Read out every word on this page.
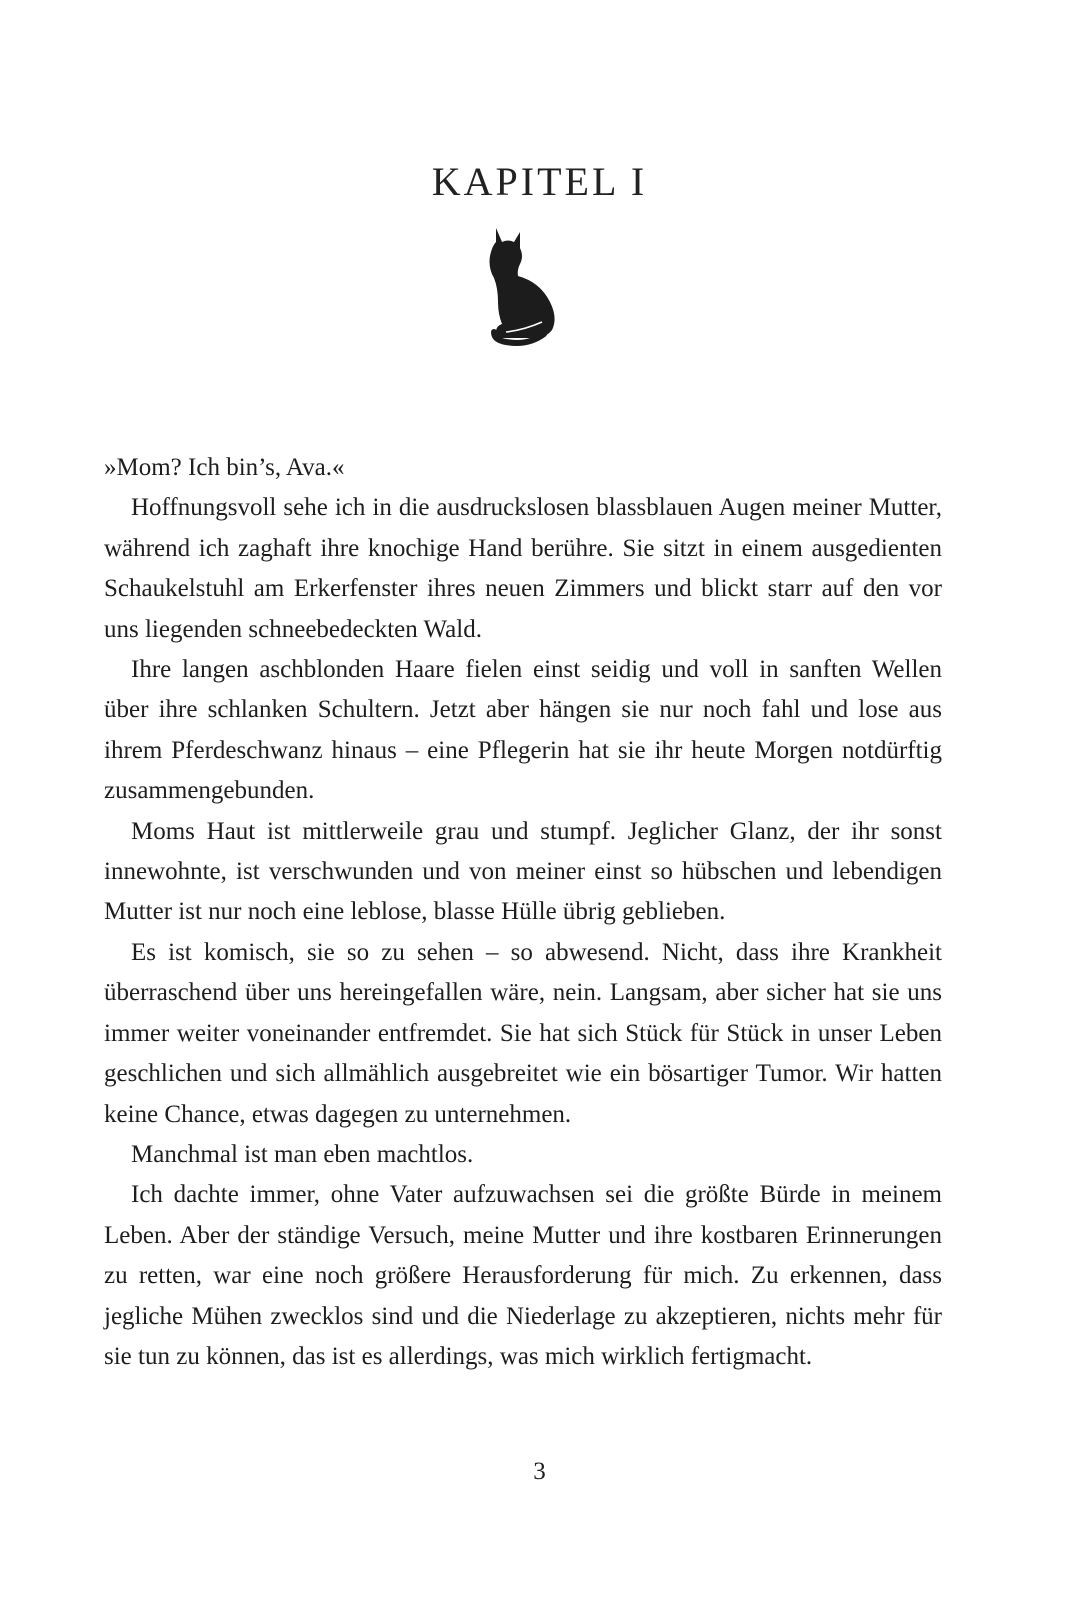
KAPITEL I

»Mom? Ich bin’s, Ava.«

Hoffnungsvoll sehe ich in die ausdruckslosen blassblauen Augen meiner Mutter, während ich zaghaft ihre knochige Hand berühre. Sie sitzt in einem ausgedienten Schaukelstuhl am Erkerfenster ihres neuen Zimmers und blickt starr auf den vor uns liegenden schneebedeckten Wald.

Ihre langen aschblonden Haare fielen einst seidig und voll in sanften Wellen über ihre schlanken Schultern. Jetzt aber hängen sie nur noch fahl und lose aus ihrem Pferdeschwanz hinaus – eine Pflegerin hat sie ihr heute Morgen notdürftig zusammengebunden.

Moms Haut ist mittlerweile grau und stumpf. Jeglicher Glanz, der ihr sonst innewohnte, ist verschwunden und von meiner einst so hübschen und lebendigen Mutter ist nur noch eine leblose, blasse Hülle übrig geblieben.

Es ist komisch, sie so zu sehen – so abwesend. Nicht, dass ihre Krankheit überraschend über uns hereingefallen wäre, nein. Langsam, aber sicher hat sie uns immer weiter voneinander entfremdet. Sie hat sich Stück für Stück in unser Leben geschlichen und sich allmählich ausgebreitet wie ein bösartiger Tumor. Wir hatten keine Chance, etwas dagegen zu unternehmen.

Manchmal ist man eben machtlos.

Ich dachte immer, ohne Vater aufzuwachsen sei die größte Bürde in meinem Leben. Aber der ständige Versuch, meine Mutter und ihre kostbaren Erinnerungen zu retten, war eine noch größere Herausforderung für mich. Zu erkennen, dass jegliche Mühen zwecklos sind und die Niederlage zu akzeptieren, nichts mehr für sie tun zu können, das ist es allerdings, was mich wirklich fertigmacht.

3
